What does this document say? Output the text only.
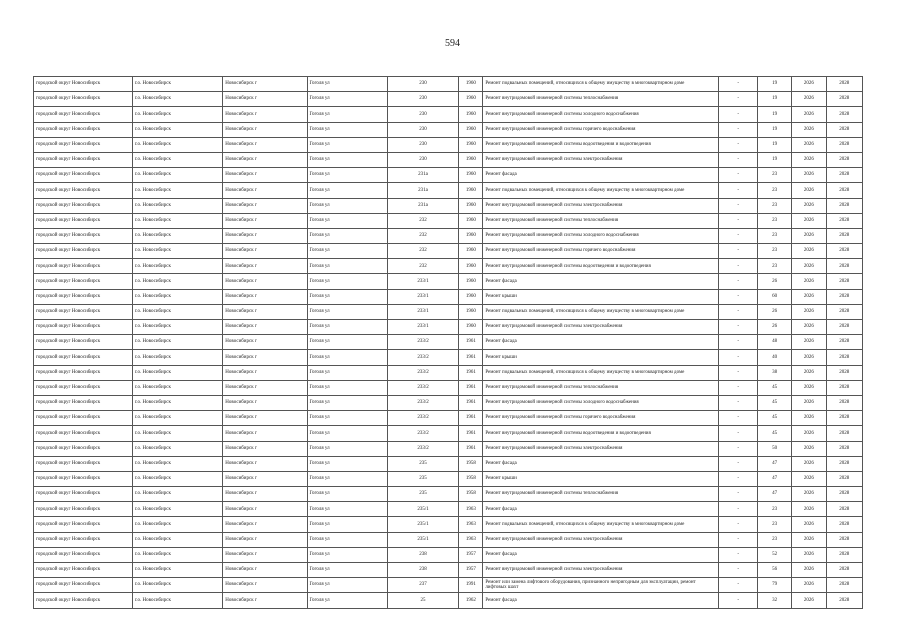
594
городской округ Новосибирск	г.о. Новосибирск	Новосибирск г	Гоголя ул	230	1960	Ремонт подвальных помещений, относящихся к общему имуществу в многоквартирном доме	-	19	2026	2028
городской округ Новосибирск	г.о. Новосибирск	Новосибирск г	Гоголя ул	230	1960	Ремонт внутридомовой инженерной системы теплоснабжения	-	19	2026	2028
городской округ Новосибирск	г.о. Новосибирск	Новосибирск г	Гоголя ул	230	1960	Ремонт внутридомовой инженерной системы холодного водоснабжения	-	19	2026	2028
городской округ Новосибирск	г.о. Новосибирск	Новосибирск г	Гоголя ул	230	1960	Ремонт внутридомовой инженерной системы горячего водоснабжения	-	19	2026	2028
городской округ Новосибирск	г.о. Новосибирск	Новосибирск г	Гоголя ул	230	1960	Ремонт внутридомовой инженерной системы водоотведения и водоотведения	-	19	2026	2028
городской округ Новосибирск	г.о. Новосибирск	Новосибирск г	Гоголя ул	230	1960	Ремонт внутридомовой инженерной системы электроснабжения	-	19	2026	2028
городской округ Новосибирск	г.о. Новосибирск	Новосибирск г	Гоголя ул	231а	1960	Ремонт фасада	-	23	2026	2028
городской округ Новосибирск	г.о. Новосибирск	Новосибирск г	Гоголя ул	231а	1960	Ремонт подвальных помещений, относящихся к общему имуществу в многоквартирном доме	-	23	2026	2028
городской округ Новосибирск	г.о. Новосибирск	Новосибирск г	Гоголя ул	231а	1960	Ремонт внутридомовой инженерной системы электроснабжения	-	23	2026	2028
городской округ Новосибирск	г.о. Новосибирск	Новосибирск г	Гоголя ул	232	1960	Ремонт внутридомовой инженерной системы теплоснабжения	-	23	2026	2028
городской округ Новосибирск	г.о. Новосибирск	Новосибирск г	Гоголя ул	232	1960	Ремонт внутридомовой инженерной системы холодного водоснабжения	-	23	2026	2028
городской округ Новосибирск	г.о. Новосибирск	Новосибирск г	Гоголя ул	232	1960	Ремонт внутридомовой инженерной системы горячего водоснабжения	-	23	2026	2028
городской округ Новосибирск	г.о. Новосибирск	Новосибирск г	Гоголя ул	232	1960	Ремонт внутридомовой инженерной системы водоотведения и водоотведения	-	23	2026	2028
городской округ Новосибирск	г.о. Новосибирск	Новосибирск г	Гоголя ул	233/1	1960	Ремонт фасада	-	26	2026	2028
городской округ Новосибирск	г.о. Новосибирск	Новосибирск г	Гоголя ул	233/1	1960	Ремонт крыши	-	60	2026	2028
городской округ Новосибирск	г.о. Новосибирск	Новосибирск г	Гоголя ул	233/1	1960	Ремонт подвальных помещений, относящихся к общему имуществу в многоквартирном доме	-	26	2026	2028
городской округ Новосибирск	г.о. Новосибирск	Новосибирск г	Гоголя ул	233/1	1960	Ремонт внутридомовой инженерной системы электроснабжения	-	26	2026	2028
городской округ Новосибирск	г.о. Новосибирск	Новосибирск г	Гоголя ул	233/2	1961	Ремонт фасада	-	48	2026	2028
городской округ Новосибирск	г.о. Новосибирск	Новосибирск г	Гоголя ул	233/2	1961	Ремонт крыши	-	40	2026	2028
городской округ Новосибирск	г.о. Новосибирск	Новосибирск г	Гоголя ул	233/2	1961	Ремонт подвальных помещений, относящихся к общему имуществу в многоквартирном доме	-	38	2026	2028
городской округ Новосибирск	г.о. Новосибирск	Новосибирск г	Гоголя ул	233/2	1961	Ремонт внутридомовой инженерной системы теплоснабжения	-	45	2026	2028
городской округ Новосибирск	г.о. Новосибирск	Новосибирск г	Гоголя ул	233/2	1961	Ремонт внутридомовой инженерной системы холодного водоснабжения	-	45	2026	2028
городской округ Новосибирск	г.о. Новосибирск	Новосибирск г	Гоголя ул	233/2	1961	Ремонт внутридомовой инженерной системы горячего водоснабжения	-	45	2026	2028
городской округ Новосибирск	г.о. Новосибирск	Новосибирск г	Гоголя ул	233/2	1961	Ремонт внутридомовой инженерной системы водоотведения и водоотведения	-	45	2026	2028
городской округ Новосибирск	г.о. Новосибирск	Новосибирск г	Гоголя ул	233/2	1961	Ремонт внутридомовой инженерной системы электроснабжения	-	50	2026	2028
городской округ Новосибирск	г.о. Новосибирск	Новосибирск г	Гоголя ул	235	1958	Ремонт фасада	-	47	2026	2028
городской округ Новосибирск	г.о. Новосибирск	Новосибирск г	Гоголя ул	235	1958	Ремонт крыши	-	47	2026	2028
городской округ Новосибирск	г.о. Новосибирск	Новосибирск г	Гоголя ул	235	1958	Ремонт внутридомовой инженерной системы теплоснабжения	-	47	2026	2028
городской округ Новосибирск	г.о. Новосибирск	Новосибирск г	Гоголя ул	235/1	1963	Ремонт фасада	-	23	2026	2028
городской округ Новосибирск	г.о. Новосибирск	Новосибирск г	Гоголя ул	235/1	1963	Ремонт подвальных помещений, относящихся к общему имуществу в многоквартирном доме	-	23	2026	2028
городской округ Новосибирск	г.о. Новосибирск	Новосибирск г	Гоголя ул	235/1	1963	Ремонт внутридомовой инженерной системы электроснабжения	-	23	2026	2028
городской округ Новосибирск	г.о. Новосибирск	Новосибирск г	Гоголя ул	238	1957	Ремонт фасада	-	52	2026	2028
городской округ Новосибирск	г.о. Новосибирск	Новосибирск г	Гоголя ул	238	1957	Ремонт внутридомовой инженерной системы электроснабжения	-	56	2026	2028
городской округ Новосибирск	г.о. Новосибирск	Новосибирск г	Гоголя ул	237	1991	Ремонт или замена лифтового оборудования, признанного непригодным для эксплуатации, ремонт лифтовых шахт	-	79	2026	2028
городской округ Новосибирск	г.о. Новосибирск	Новосибирск г	Гоголя ул	25	1962	Ремонт фасада	-	32	2026	2028
